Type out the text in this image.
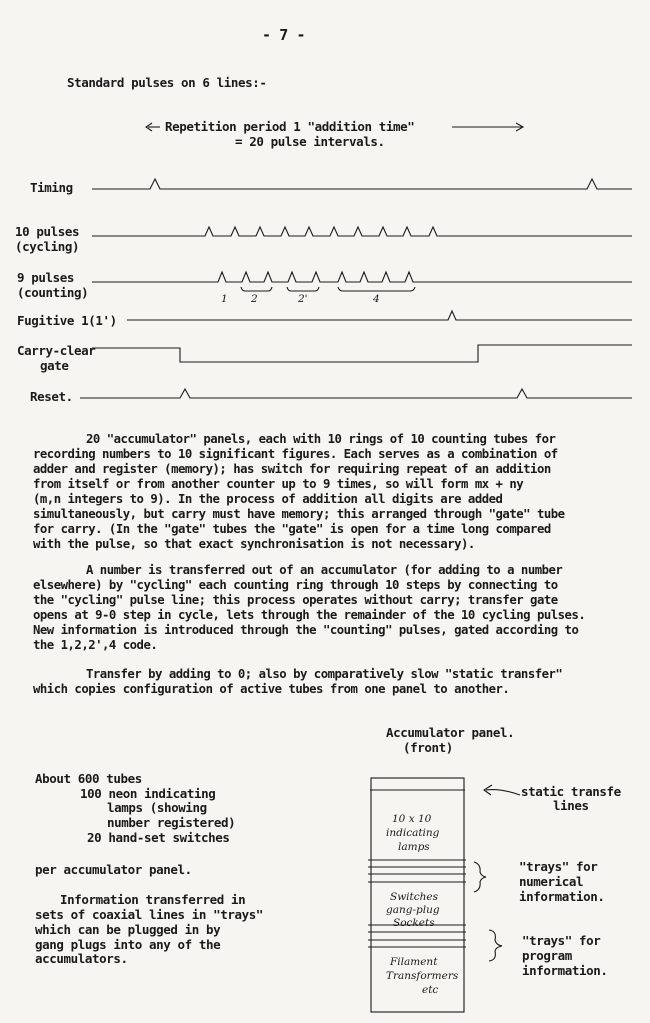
- 7 -
Standard pulses on 6 lines:-
Repetition period 1 "addition time"
= 20 pulse intervals.
Timing
10 pulses
(cycling)
9 pulses
(counting)	1 2	2'	4
Fugitive 1(1')
Carry-clear
gate
Reset.
20 "accumulator" panels, each with 10 rings of 10 counting tubes for
recording numbers to 10 significant figures. Each serves as a combination of
adder and register (memory); has switch for requiring repeat of an addition
from itself or from another counter up to 9 times, so will form mx + ny
(m,n integers to 9). In the process of addition all digits are added
simultaneously, but carry must have memory; this arranged through "gate" tube
for carry. (In the "gate" tubes the "gate" is open for a time long compared
with the pulse, so that exact synchronisation is not necessary).
A number is transferred out of an accumulator (for adding to a number
elsewhere) by "cycling" each counting ring through 10 steps by connecting to
the "cycling" pulse line; this process operates without carry; transfer gate
opens at 9-0 step in cycle, lets through the remainder of the 10 cycling pulses.
New information is introduced through the "counting" pulses, gated according to
the 1,2,2',4 code.
Transfer by adding to 0; also by comparatively slow "static transfer"
which copies configuration of active tubes from one panel to another.
Accumulator panel.
(front)
10 x 10
indicating
lamps
Switches
gang-plug
Sockets
Filament
Transformers
etc
static transfe
lines
"trays" for
numerical
information.
"trays" for
program
information.
About 600 tubes
100 neon indicating
lamps (showing
number registered)
20 hand-set switches
per accumulator panel.
Information transferred in
sets of coaxial lines in "trays"
which can be plugged in by
gang plugs into any of the
accumulators.
